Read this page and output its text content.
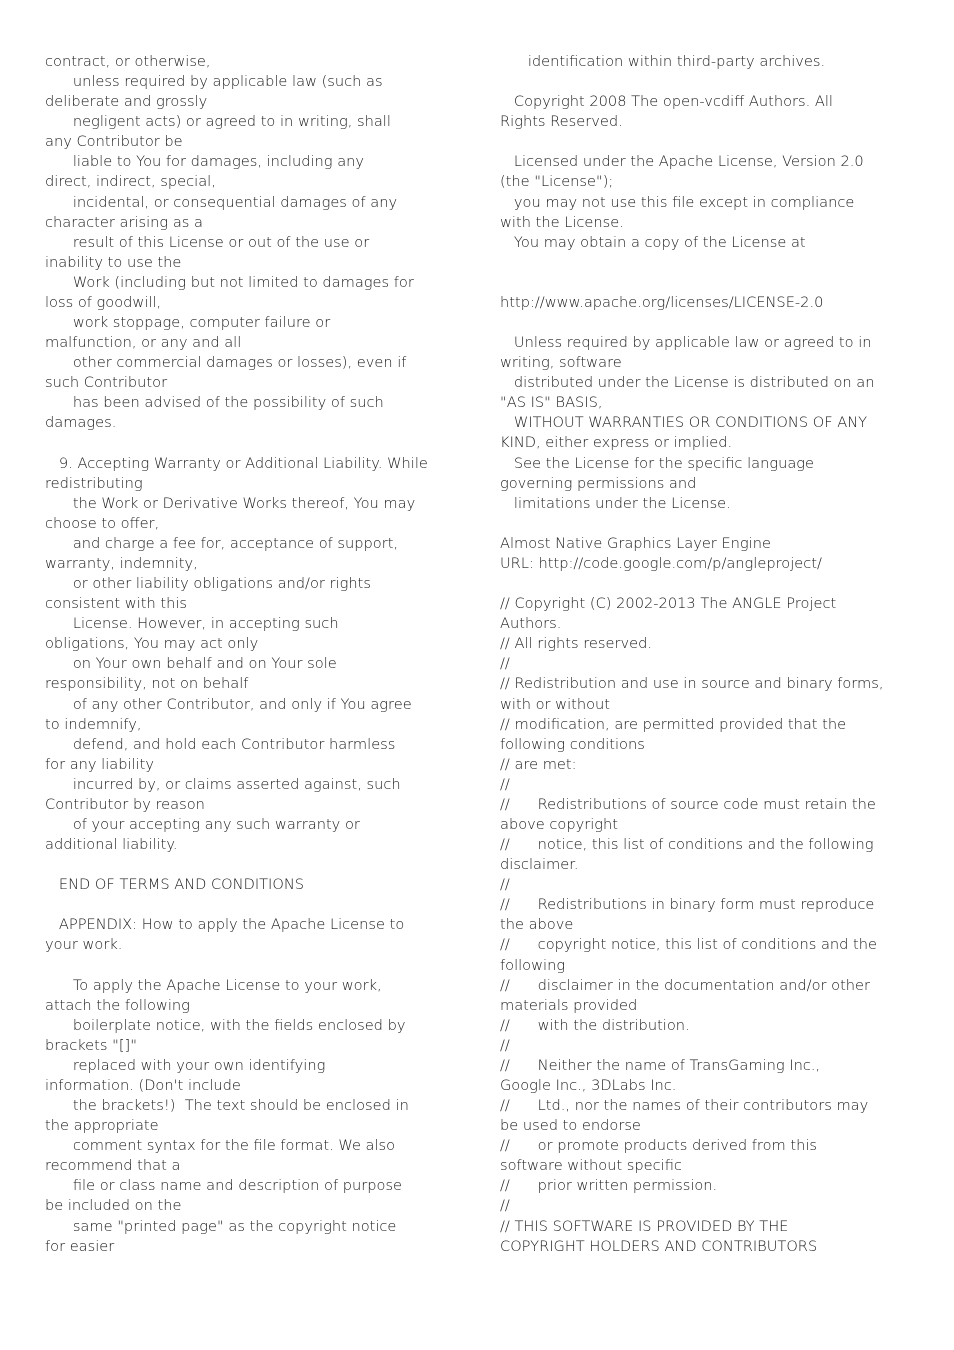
contract, or otherwise,
unless required by applicable law (such as
deliberate and grossly
negligent acts) or agreed to in writing, shall
any Contributor be
liable to You for damages, including any
direct, indirect, special,
incidental, or consequential damages of any
character arising as a
result of this License or out of the use or
inability to use the
Work (including but not limited to damages for
loss of goodwill,
work stoppage, computer failure or
malfunction, or any and all
other commercial damages or losses), even if
such Contributor
has been advised of the possibility of such
damages.
9. Accepting Warranty or Additional Liability. While
redistributing
the Work or Derivative Works thereof, You may
choose to offer,
and charge a fee for, acceptance of support,
warranty, indemnity,
or other liability obligations and/or rights
consistent with this
License. However, in accepting such
obligations, You may act only
on Your own behalf and on Your sole
responsibility, not on behalf
of any other Contributor, and only if You agree
to indemnify,
defend, and hold each Contributor harmless
for any liability
incurred by, or claims asserted against, such
Contributor by reason
of your accepting any such warranty or
additional liability.
END OF TERMS AND CONDITIONS
APPENDIX: How to apply the Apache License to
your work.
To apply the Apache License to your work,
attach the following
boilerplate notice, with the fields enclosed by
brackets "[]"
replaced with your own identifying
information. (Don't include
the brackets!)  The text should be enclosed in
the appropriate
comment syntax for the file format. We also
recommend that a
file or class name and description of purpose
be included on the
same "printed page" as the copyright notice
for easier
identification within third-party archives.
Copyright 2008 The open-vcdiff Authors. All
Rights Reserved.
Licensed under the Apache License, Version 2.0
(the "License");
you may not use this file except in compliance
with the License.
You may obtain a copy of the License at
http://www.apache.org/licenses/LICENSE-2.0
Unless required by applicable law or agreed to in
writing, software
distributed under the License is distributed on an
"AS IS" BASIS,
WITHOUT WARRANTIES OR CONDITIONS OF ANY
KIND, either express or implied.
See the License for the specific language
governing permissions and
limitations under the License.
Almost Native Graphics Layer Engine
URL: http://code.google.com/p/angleproject/
// Copyright (C) 2002-2013 The ANGLE Project
Authors.
// All rights reserved.
//
// Redistribution and use in source and binary forms,
with or without
// modification, are permitted provided that the
following conditions
// are met:
//
//      Redistributions of source code must retain the
above copyright
//      notice, this list of conditions and the following
disclaimer.
//
//      Redistributions in binary form must reproduce
the above
//      copyright notice, this list of conditions and the
following
//      disclaimer in the documentation and/or other
materials provided
//      with the distribution.
//
//      Neither the name of TransGaming Inc.,
Google Inc., 3DLabs Inc.
//      Ltd., nor the names of their contributors may
be used to endorse
//      or promote products derived from this
software without specific
//      prior written permission.
//
// THIS SOFTWARE IS PROVIDED BY THE
COPYRIGHT HOLDERS AND CONTRIBUTORS
